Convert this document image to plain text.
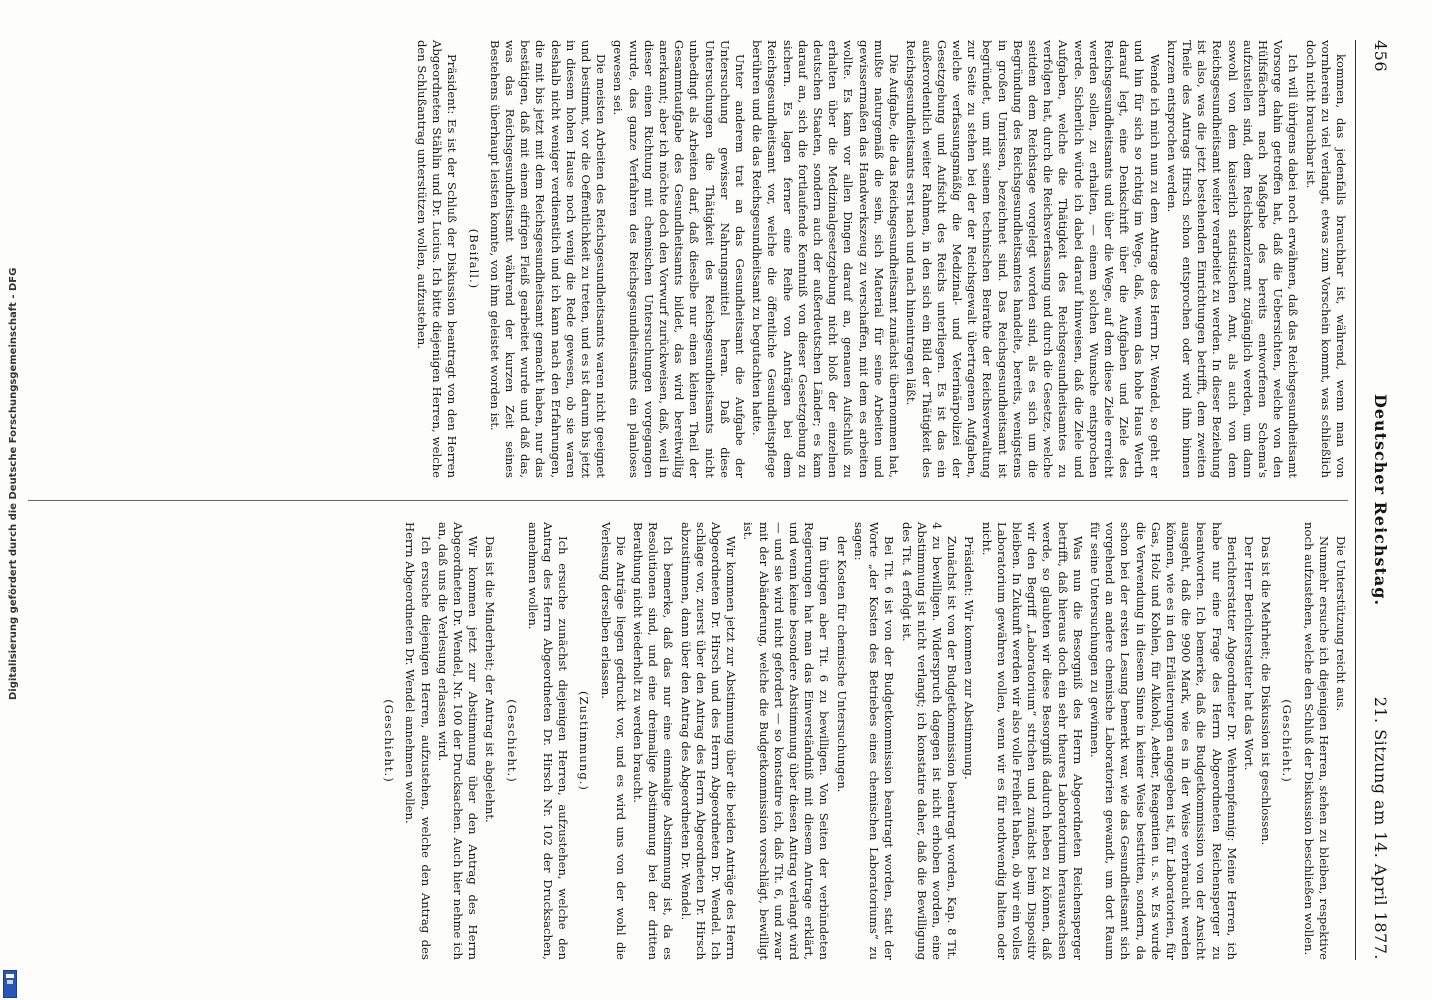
456
Deutscher Reichstag.
21. Sitzung am 14. April 1877.

kommen, das jedenfalls brauchbar ist, während, wenn man von vornherein zu viel verlangt, etwas zum Vorschein kommt, was schließlich doch nicht brauchbar ist.

Ich will übrigens dabei noch erwähnen, daß das Reichsgesundheitsamt Vorsorge dahin getroffen hat, daß die Uebersichten, welche von den Hülfsfächern nach Maßgabe des bereits entworfenen Schema's aufzustellen sind, dem Reichskanzleramt zugänglich werden, um dann sowohl von dem kaiserlich statistischen Amt, als auch von dem Reichsgesundheitsamt weiter verarbeitet zu werden. In dieser Beziehung ist also, was die jetzt bestehenden Einrichtungen betrifft, dem zweiten Theile des Antrags Hirsch schon entsprochen oder wird ihm binnen kurzem entsprochen werden.

Wende ich mich nun zu dem Antrage des Herrn Dr. Wendel, so geht er und hin für sich so richtig im Wege, daß, wenn das hohe Haus Werth darauf legt, eine Denkschrift über die Aufgaben und Ziele des Reichsgesundheitsamts und über die Wege, auf dem diese Ziele erreicht werden sollen, zu erhalten, — einem solchen Wunsche entsprochen werde. Sicherlich würde ich dabei darauf hinweisen, daß die Ziele und Aufgaben, welche die Thätigkeit des Reichsgesundheitsamtes zu verfolgen hat, durch die Reichsverfassung und durch die Gesetze, welche seitdem dem Reichstage vorgelegt worden sind, als es sich um die Begründung des Reichsgesundheitsamtes handelte, bereits, wenigstens in großen Umrissen, bezeichnet sind. Das Reichsgesundheitsamt ist begründet, um mit seinem technischen Beirathe der Reichsverwaltung zur Seite zu stehen bei der der Reichsgewalt übertragenen Aufgaben, welche verfassungsmäßig die Medizinal- und Veterinärpolizei der Gesetzgebung und Aufsicht des Reichs unterliegen. Es ist das ein außerordentlich weiter Rahmen, in den sich ein Bild der Thätigkeit des Reichsgesundheitsamts erst nach und nach hineintragen läßt.

Die Aufgabe, die das Reichsgesundheitsamt zunächst übernommen hat, mußte naturgemäß die sein, sich Material für seine Arbeiten und gewissermaßen das Handwerkszeug zu verschaffen, mit dem es arbeiten wollte. Es kam vor allen Dingen darauf an, genauen Aufschluß zu erhalten über die Medizinalgesetzgebung nicht bloß der einzelnen deutschen Staaten, sondern auch der außerdeutschen Länder; es kam darauf an, sich die fortlaufende Kenntniß von dieser Gesetzgebung zu sichern. Es lagen ferner eine Reihe von Anträgen bei dem Reichsgesundheitsamt vor, welche die öffentliche Gesundheitspflege berühren und die das Reichsgesundheitsamt zu begutachten hatte.

Unter anderem trat an das Gesundheitsamt die Aufgabe der Untersuchung gewisser Nahrungsmittel heran. Daß diese Untersuchungen die Thätigkeit des Reichsgesundheitsamts nicht unbedingt als Arbeiten darf, daß dieselbe nur einen kleinen Theil der Gesammtaufgabe des Gesundheitsamts bildet, das wird bereitwillig anerkannt; aber ich möchte doch den Vorwurf zurückweisen, daß, weil in dieser einen Richtung mit chemischen Untersuchungen vorgegangen wurde, das ganze Verfahren des Reichsgesundheitsamts ein planloses gewesen sei.

Die meisten Arbeiten des Reichsgesundheitsamts waren nicht geeignet und bestimmt, vor die Oeffentlichkeit zu treten, und es ist darum bis jetzt in diesem hohen Hause noch wenig die Rede gewesen, ob sie waren deshalb nicht weniger verdienstlich und ich kann nach den Erfahrungen, die mit bis jetzt mit dem Reichsgesundheitsamt gemacht haben, nur das bestätigen, daß mit einem eifrigen Fleiß gearbeitet wurde und daß das, was das Reichsgesundheitsamt während der kurzen Zeit seines Bestehens überhaupt leisten konnte, von ihm geleistet worden ist.

(Beifall.)

Präsident: Es ist der Schluß der Diskussion beantragt von den Herren Abgeordneten Stählin und Dr. Lucius. Ich bitte diejenigen Herren, welche den Schlußantrag unterstützen wollen, aufzustehen.

Die Unterstützung reicht aus.

Nunmehr ersuche ich diejenigen Herren, stehen zu bleiben, respektive noch aufzustehen, welche den Schluß der Diskussion beschließen wollen.

(Geschieht.)

Das ist die Mehrheit; die Diskussion ist geschlossen.

Der Herr Berichterstatter hat das Wort.

Berichterstatter Abgeordneter Dr. Wehrenpfennig: Meine Herren, ich habe nur eine Frage des Herrn Abgeordneten Reichensperger zu beantworten. Ich bemerke, daß die Budgetkommission von der Ansicht ausgeht, daß die 9900 Mark, wie es in der Weise verbraucht werden können, wie es in den Erläuterungen angegeben ist, für Laboratorien, für Gas, Holz und Kohlen, für Alkohol, Aether, Reagentien u. s. w. Es wurde die Verwendung in diesem Sinne in keiner Weise bestritten, sondern, da schon bei der ersten Lesung bemerkt war, wie das Gesundheitsamt sich vorgehend an andere chemische Laboratorien gewandt, um dort Raum für seine Untersuchungen zu gewinnen.

Was nun die Besorgniß des Herrn Abgeordneten Reichensperger betrifft, daß hieraus doch ein sehr theures Laboratorium herauswachsen werde, so glaubten wir diese Besorgniß dadurch heben zu können, daß wir den Begriff „Laboratorium“ strichen und zunächst beim Dispositiv bleiben. In Zukunft werden wir also volle Freiheit haben, ob wir ein volles Laboratorium gewähren wollen, wenn wir es für nothwendig halten oder nicht.

Präsident: Wir kommen zur Abstimmung.

Zunächst ist von der Budgetkommission beantragt worden, Kap. 8 Tit. 4 zu bewilligen. Widerspruch dagegen ist nicht erhoben worden, eine Abstimmung ist nicht verlangt; ich konstatire daher, daß die Bewilligung des Tit. 4 erfolgt ist.

Bei Tit. 6 ist von der Budgetkommission beantragt worden, statt der Worte „der Kosten des Betriebes eines chemischen Laboratoriums“ zu sagen:

der Kosten für chemische Untersuchungen.

Im übrigen aber Tit. 6 zu bewilligen. Von Seiten der verbündeten Regierungen hat man das Einverständniß mit diesem Antrage erklärt, und wenn keine besondere Abstimmung über diesen Antrag verlangt wird — und sie wird nicht gefordert — so konstatire ich, daß Tit. 6, und zwar mit der Abänderung, welche die Budgetkommission vorschlägt, bewilligt ist.

Wir kommen jetzt zur Abstimmung über die beiden Anträge des Herrn Abgeordneten Dr. Hirsch und des Herrn Abgeordneten Dr. Wendel. Ich schlage vor, zuerst über den Antrag des Herrn Abgeordneten Dr. Hirsch abzustimmen, dann über den Antrag des Abgeordneten Dr. Wendel.

Ich bemerke, daß das nur eine einmalige Abstimmung ist, da es Resolutionen sind, und eine dreimalige Abstimmung bei der dritten Berathung nicht wiederholt zu werden braucht.

Die Anträge liegen gedruckt vor, und es wird uns von der wohl die Verlesung derselben erlassen.

(Zustimmung.)

Ich ersuche zunächst diejenigen Herren, aufzustehen, welche den Antrag des Herrn Abgeordneten Dr. Hirsch Nr. 102 der Drucksachen, annehmen wollen.

(Geschieht.)

Das ist die Minderheit; der Antrag ist abgelehnt.

Wir kommen jetzt zur Abstimmung über den Antrag des Herrn Abgeordneten Dr. Wendel, Nr. 100 der Drucksachen. Auch hier nehme ich an, daß uns die Verlesung erlassen wird.

Ich ersuche diejenigen Herren, aufzustehen, welche den Antrag des Herrn Abgeordneten Dr. Wendel annehmen wollen.

(Geschieht.)

Digitalisierung gefördert durch die Deutsche Forschungsgemeinschaft - DFG
